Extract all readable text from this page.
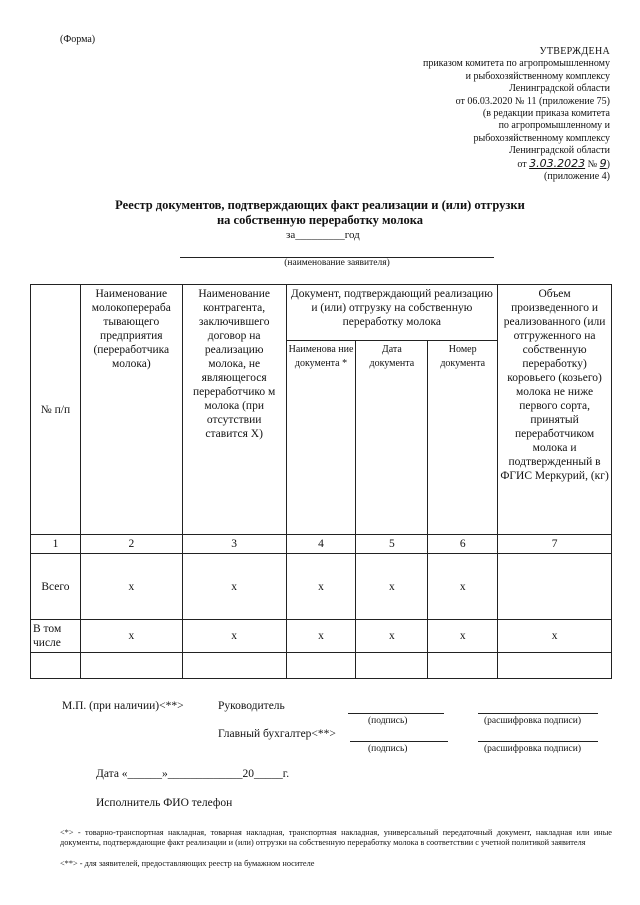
(Форма)
УТВЕРЖДЕНА
приказом комитета по агропромышленному
и рыбохозяйственному комплексу
Ленинградской области
от 06.03.2020 № 11 (приложение 75)
(в редакции приказа комитета
по агропромышленному и
рыбохозяйственному комплексу
Ленинградской области
от 3.03.2023 № 9)
(приложение 4)
Реестр документов, подтверждающих факт реализации и (или) отгрузки
на собственную переработку молока
за_________год
(наименование заявителя)
№ п/п	Наименование молокоперераба тывающего предприятия (переработчика молока)	Наименование контрагента, заключившего договор на реализацию молока, не являющегося переработчико м молока (при отсутствии ставится Х)	Документ, подтверждающий реализацию и (или) отгрузку на собственную переработку молока			Объем произведенного и реализованного (или отгруженного на собственную переработку) коровьего (козьего) молока не ниже первого сорта, принятый переработчиком молока и подтвержденный в ФГИС Меркурий, (кг)
			Наименова ние документа *	Дата документа	Номер документа	
1	2	3	4	5	6	7
Всего	x	x	x	x	x	
В том числе	x	x	x	x	x	x

М.П. (при наличии)<**>	Руководитель
(подпись)	(расшифровка подписи)
Главный бухгалтер<**>
(подпись)	(расшифровка подписи)
Дата «______»_____________20_____г.
Исполнитель ФИО телефон
<*> - товарно-транспортная накладная, товарная накладная, транспортная накладная, универсальный передаточный документ, накладная или иные документы, подтверждающие факт реализации и (или) отгрузки на собственную переработку молока в соответствии с учетной политикой заявителя
<**> - для заявителей, предоставляющих реестр на бумажном носителе
